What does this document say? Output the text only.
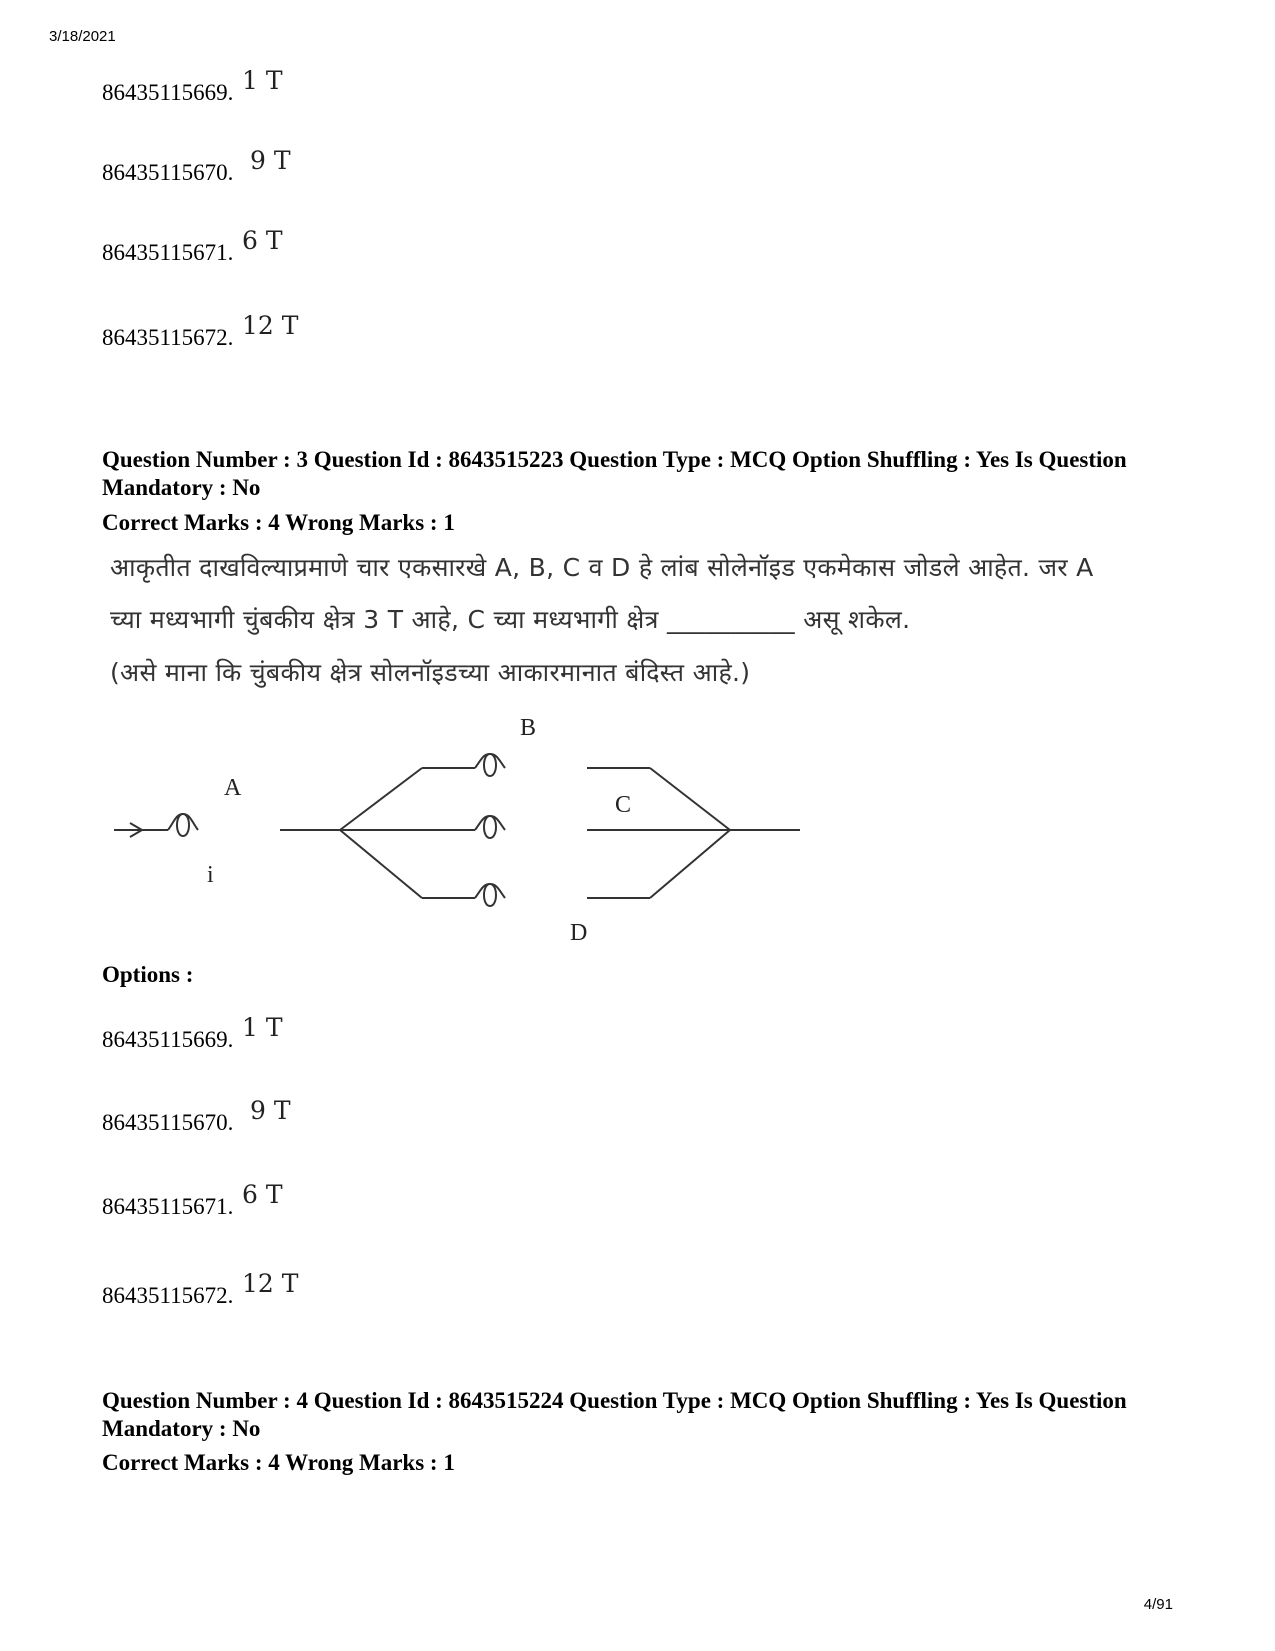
3/18/2021
86435115669. 1 T
86435115670. 9 T
86435115671. 6 T
86435115672. 12 T
Question Number : 3 Question Id : 8643515223 Question Type : MCQ Option Shuffling : Yes Is Question Mandatory : No
Correct Marks : 4 Wrong Marks : 1
आकृतीत दाखविल्याप्रमाणे चार एकसारखे A, B, C व D हे लांब सोलेनॉइड एकमेकास जोडले आहेत. जर A
च्या मध्यभागी चुंबकीय क्षेत्र 3 T आहे, C च्या मध्यभागी क्षेत्र __________ असू शकेल.
(असे माना कि चुंबकीय क्षेत्र सोलनॉइडच्या आकारमानात बंदिस्त आहे.)
A
B
C
D
i
Options :
86435115669. 1 T
86435115670. 9 T
86435115671. 6 T
86435115672. 12 T
Question Number : 4 Question Id : 8643515224 Question Type : MCQ Option Shuffling : Yes Is Question Mandatory : No
Correct Marks : 4 Wrong Marks : 1
4/91
